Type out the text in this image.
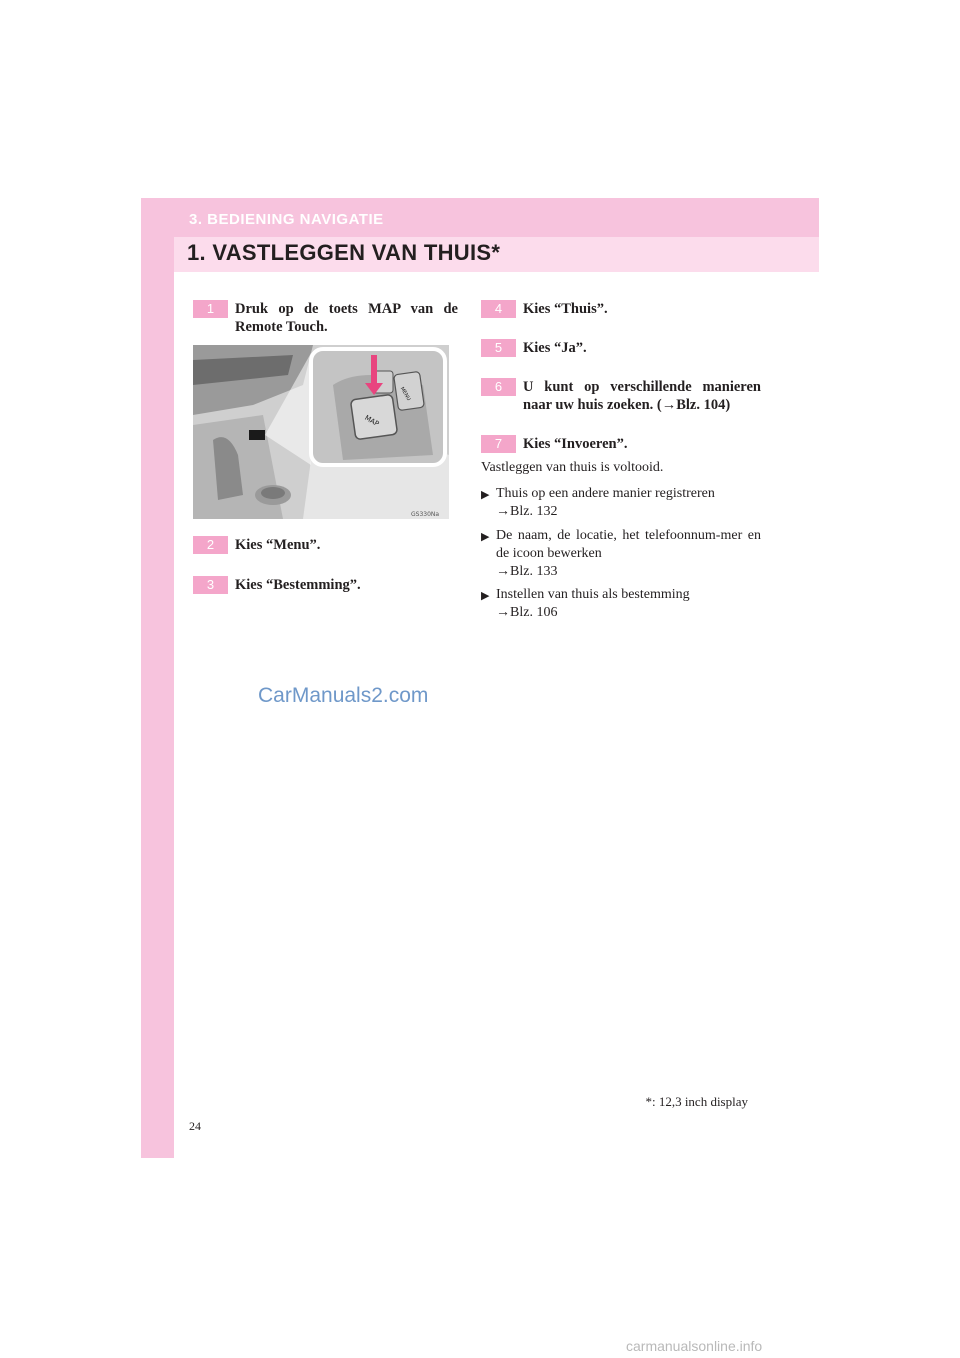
3. BEDIENING NAVIGATIE
1. VASTLEGGEN VAN THUIS*
1	Druk op de toets MAP van de Remote Touch.
MAP
MENU
GS330Na
2	Kies “Menu”.
3	Kies “Bestemming”.
4	Kies “Thuis”.
5	Kies “Ja”.
6	U kunt op verschillende manieren naar uw huis zoeken. (→Blz. 104)
7	Kies “Invoeren”.
Vastleggen van thuis is voltooid.
▶ Thuis op een andere manier registreren
→Blz. 132
▶ De naam, de locatie, het telefoonnum-mer en de icoon bewerken
→Blz. 133
▶ Instellen van thuis als bestemming
→Blz. 106
CarManuals2.com
*: 12,3 inch display
24
carmanualsonline.info
